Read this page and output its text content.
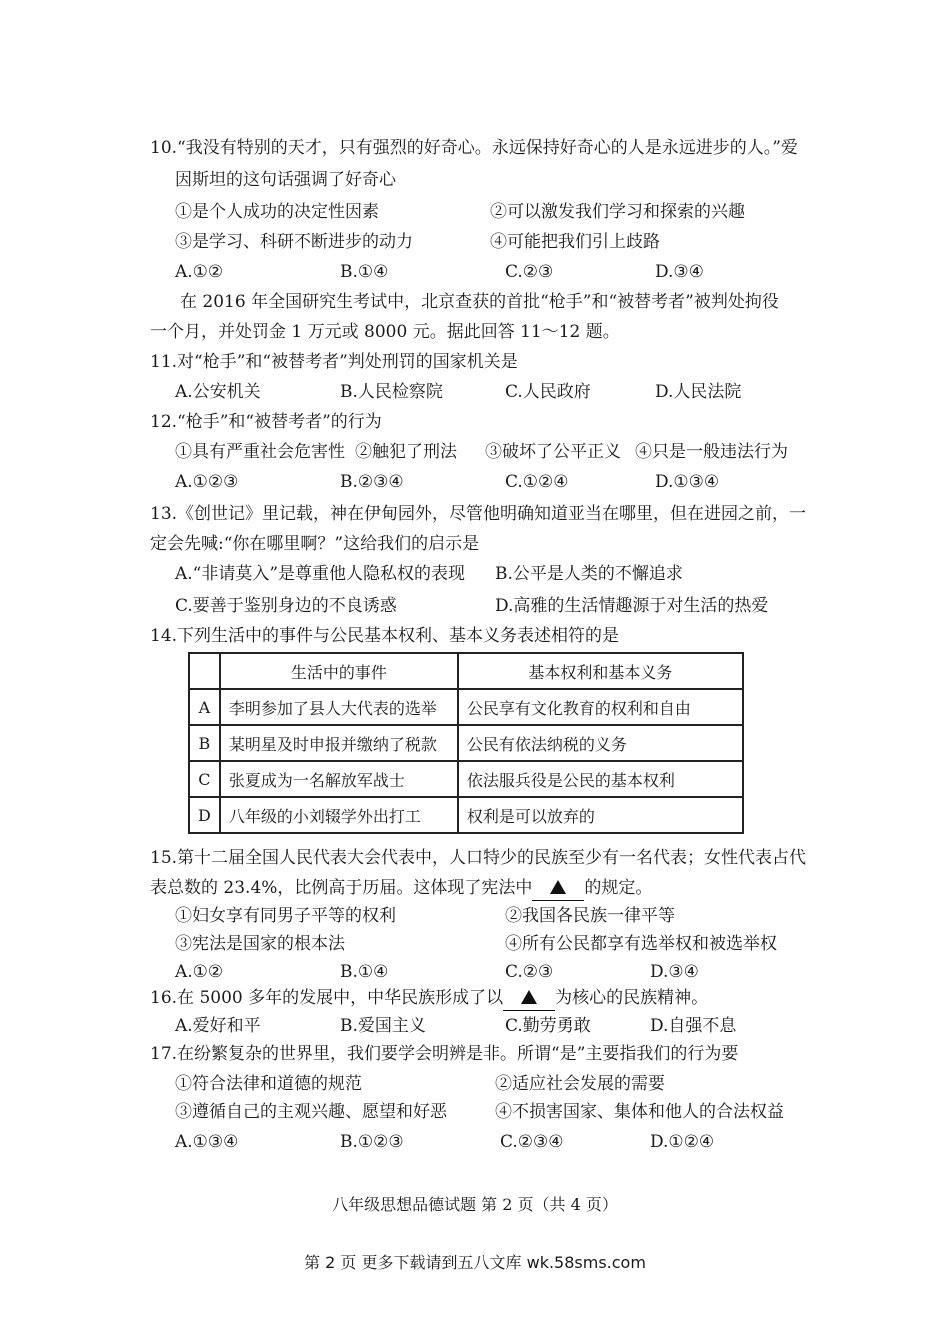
10.“我没有特别的天才，只有强烈的好奇心。永远保持好奇心的人是永远进步的人。”爱
因斯坦的这句话强调了好奇心
①是个人成功的决定性因素	②可以激发我们学习和探索的兴趣
③是学习、科研不断进步的动力	④可能把我们引上歧路
A.①②	B.①④	C.②③	D.③④
在 2016 年全国研究生考试中，北京查获的首批“枪手”和“被替考者”被判处拘役
一个月，并处罚金 1 万元或 8000 元。据此回答 11～12 题。
11.对“枪手”和“被替考者”判处刑罚的国家机关是
A.公安机关	B.人民检察院	C.人民政府	D.人民法院
12.“枪手”和“被替考者”的行为
①具有严重社会危害性 ②触犯了刑法 ③破坏了公平正义 ④只是一般违法行为
A.①②③	B.②③④	C.①②④	D.①③④
13.《创世记》里记载，神在伊甸园外，尽管他明确知道亚当在哪里，但在进园之前，一
定会先喊:“你在哪里啊？”这给我们的启示是
A.“非请莫入”是尊重他人隐私权的表现 B.公平是人类的不懈追求
C.要善于鉴别身边的不良诱惑	D.高雅的生活情趣源于对生活的热爱
14.下列生活中的事件与公民基本权利、基本义务表述相符的是
	生活中的事件	基本权利和基本义务
A	李明参加了县人大代表的选举	公民享有文化教育的权利和自由
B	某明星及时申报并缴纳了税款	公民有依法纳税的义务
C	张夏成为一名解放军战士	依法服兵役是公民的基本权利
D	八年级的小刘辍学外出打工	权利是可以放弃的
15.第十二届全国人民代表大会代表中，人口特少的民族至少有一名代表；女性代表占代
表总数的 23.4%，比例高于历届。这体现了宪法中	的规定。
①妇女享有同男子平等的权利	②我国各民族一律平等
③宪法是国家的根本法	④所有公民都享有选举权和被选举权
A.①②	B.①④	C.②③	D.③④
16.在 5000 多年的发展中，中华民族形成了以	为核心的民族精神。
A.爱好和平	B.爱国主义	C.勤劳勇敢	D.自强不息
17.在纷繁复杂的世界里，我们要学会明辨是非。所谓“是”主要指我们的行为要
①符合法律和道德的规范	②适应社会发展的需要
③遵循自己的主观兴趣、愿望和好恶	④不损害国家、集体和他人的合法权益
A.①③④	B.①②③	C.②③④	D.①②④
八年级思想品德试题 第 2 页（共 4 页）
第 2 页 更多下载请到五八文库 wk.58sms.com
